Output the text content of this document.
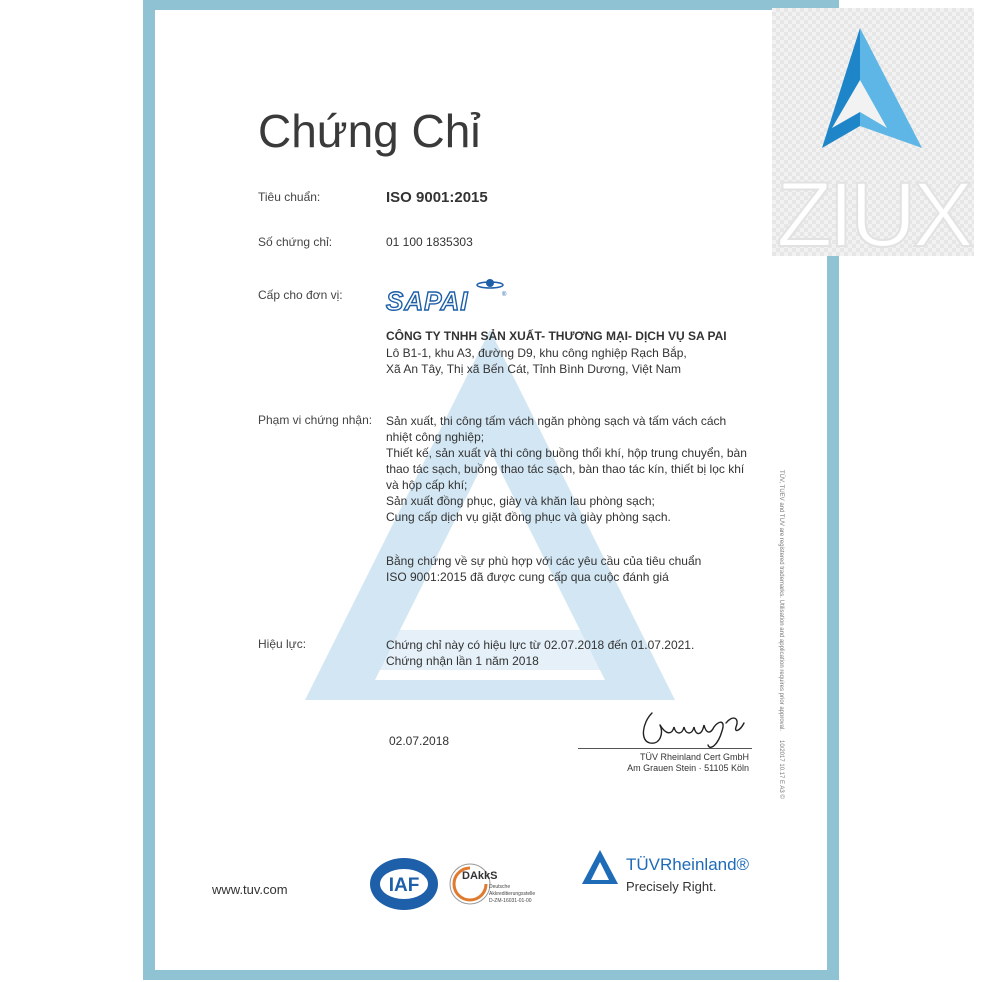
ZIUX
Chứng Chỉ
Tiêu chuẩn:	ISO 9001:2015
Số chứng chỉ:	01 100 1835303
Cấp cho đơn vị: SAPAI	®
CÔNG TY TNHH SẢN XUẤT- THƯƠNG MẠI- DỊCH VỤ SA PAI
Lô B1-1, khu A3, đường D9, khu công nghiệp Rạch Bắp,
Xã An Tây, Thị xã Bến Cát, Tỉnh Bình Dương, Việt Nam
Phạm vi chứng nhận: Sản xuất, thi công tấm vách ngăn phòng sạch và tấm vách cách
nhiệt công nghiệp;
Thiết kế, sản xuất và thi công buồng thổi khí, hộp trung chuyển, bàn
thao tác sạch, buồng thao tác sạch, bàn thao tác kín, thiết bị lọc khí
và hộp cấp khí;
Sản xuất đồng phục, giày và khăn lau phòng sạch;
Cung cấp dịch vụ giặt đồng phục và giày phòng sạch.
Bằng chứng về sự phù hợp với các yêu cầu của tiêu chuẩn
ISO 9001:2015 đã được cung cấp qua cuộc đánh giá
Hiệu lực:	Chứng chỉ này có hiệu lực từ 02.07.2018 đến 01.07.2021.
Chứng nhận lần 1 năm 2018
02.07.2018
TÜV Rheinland Cert GmbH
Am Grauen Stein · 51105 Köln
TÜV, TUEV and TUV are registered trademarks. Utilisation and application requires prior approval.
10/2017 10.17 E A3 ©
www.tuv.com	IAF	DAkkS
Deutsche
Akkreditierungsstelle
D-ZM-16031-01-00
TÜVRheinland®
Precisely Right.
